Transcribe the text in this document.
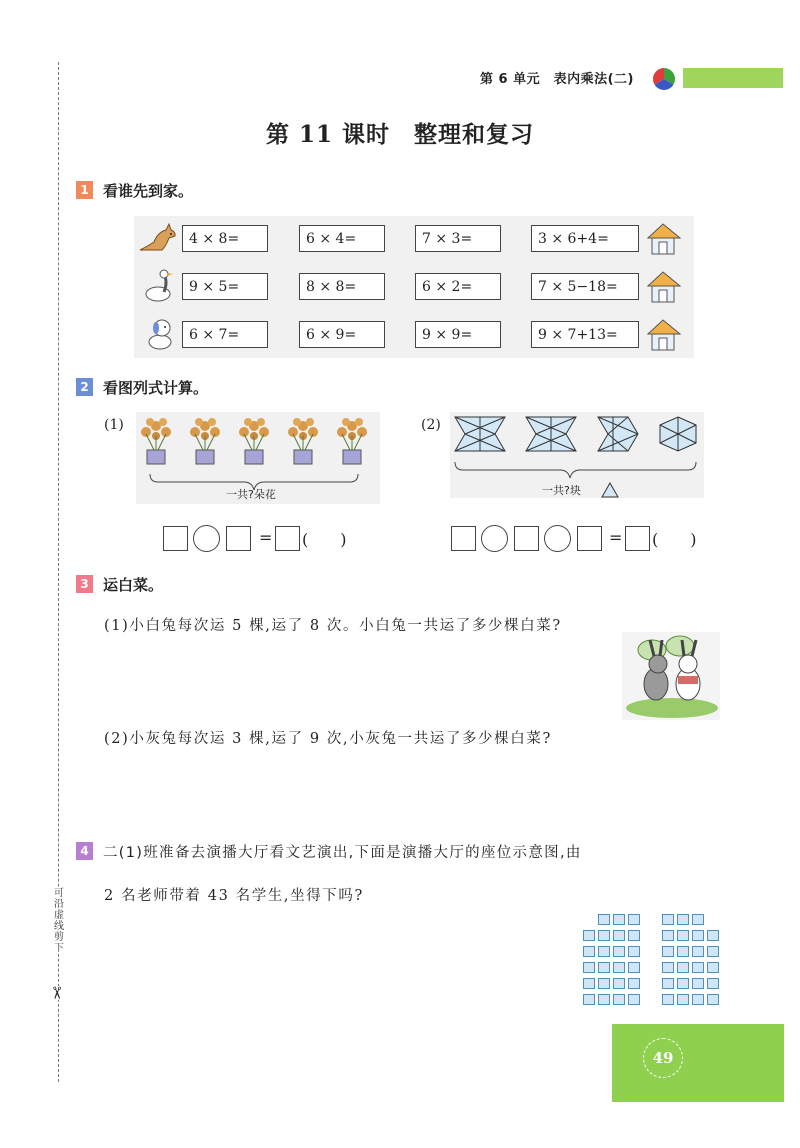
可沿虚线剪下
✂
第 6 单元　表内乘法(二)
第 11 课时　整理和复习
1 看谁先到家。
4 × 8=	6 × 4=	7 × 3=	3 × 6+4=
9 × 5=	8 × 8=	6 × 2=	7 × 5−18=
6 × 7=	6 × 9=	9 × 9=	9 × 7+13=
2 看图列式计算。
(1)
一共?朵花
(2)
一共?块
= (　　)	= (　　)
3 运白菜。
(1)小白兔每次运 5 棵,运了 8 次。小白兔一共运了多少棵白菜?
(2)小灰兔每次运 3 棵,运了 9 次,小灰兔一共运了多少棵白菜?
4 二(1)班准备去演播大厅看文艺演出,下面是演播大厅的座位示意图,由
2 名老师带着 43 名学生,坐得下吗?
49
